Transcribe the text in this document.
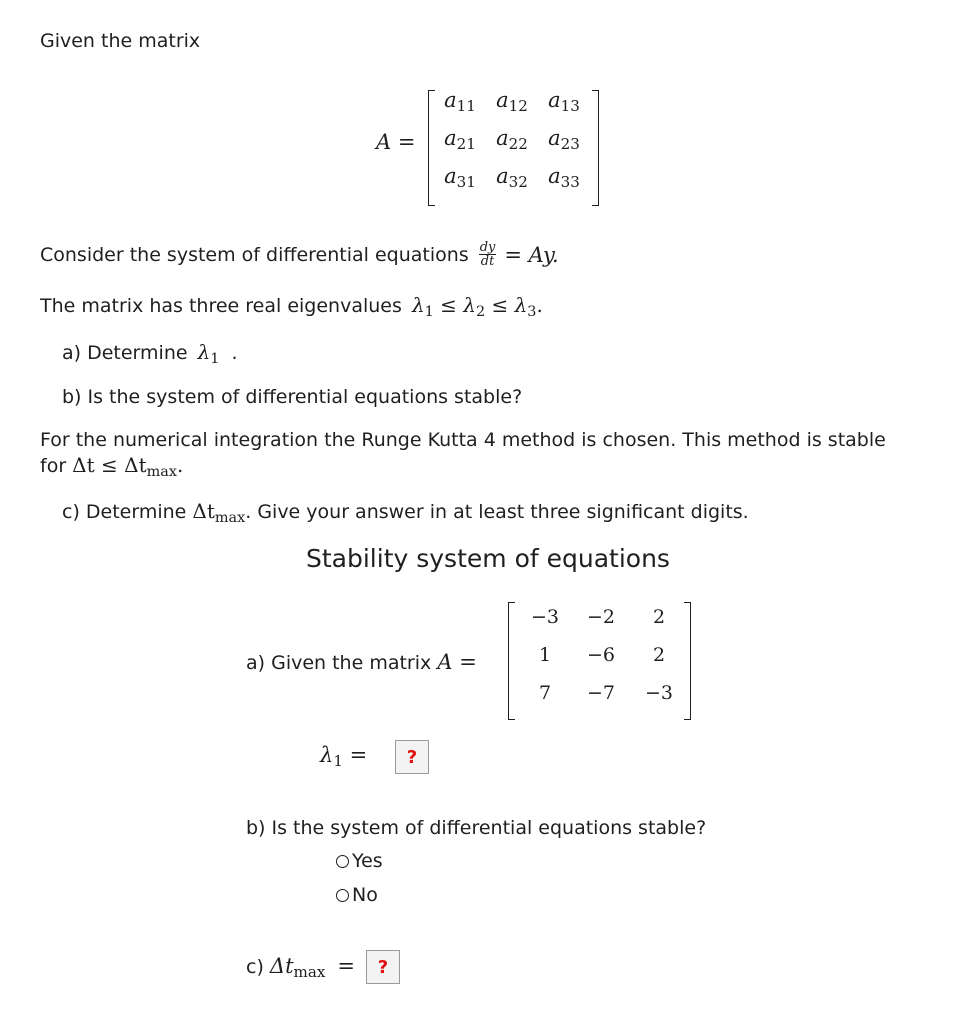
Given the matrix
A =
$a_{11}$ $a_{12}$ $a_{13}$
$a_{21}$ $a_{22}$ $a_{23}$
$a_{31}$ $a_{32}$ $a_{33}$
Consider the system of differential equations $\frac{dy}{dt} = Ay$.
The matrix has three real eigenvalues $\lambda_1 \le \lambda_2 \le \lambda_3$.
a) Determine $\lambda_1$ .
b) Is the system of differential equations stable?
For the numerical integration the Runge Kutta 4 method is chosen. This method is stable
for $\Delta t \le \Delta t_{max}$.
c) Determine $\Delta t_{max}$. Give your answer in at least three significant digits.
Stability system of equations
a) Given the matrix A =
−3	−2	2
1	−6	2
7	−7	−3
$\lambda_1$ =	?
b) Is the system of differential equations stable?
Yes
No
c) $\Delta t_{max}$ =	?
